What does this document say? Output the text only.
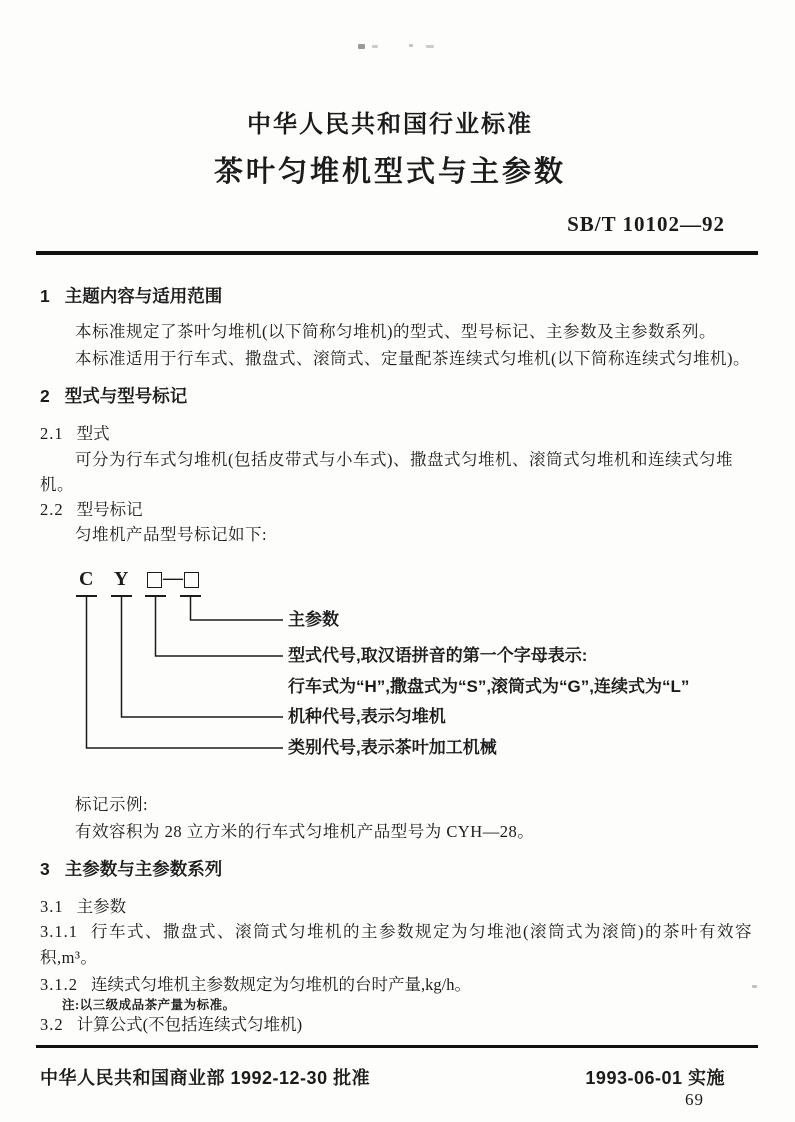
中华人民共和国行业标准
茶叶匀堆机型式与主参数
SB/T 10102—92
1 主题内容与适用范围
本标准规定了茶叶匀堆机(以下简称匀堆机)的型式、型号标记、主参数及主参数系列。
本标准适用于行车式、撒盘式、滚筒式、定量配茶连续式匀堆机(以下简称连续式匀堆机)。
2 型式与型号标记
2.1 型式
可分为行车式匀堆机(包括皮带式与小车式)、撒盘式匀堆机、滚筒式匀堆机和连续式匀堆
机。
2.2 型号标记
匀堆机产品型号标记如下:
C Y —
主参数
型式代号,取汉语拼音的第一个字母表示:
行车式为“H”,撒盘式为“S”,滚筒式为“G”,连续式为“L”
机种代号,表示匀堆机
类别代号,表示茶叶加工机械
标记示例:
有效容积为 28 立方米的行车式匀堆机产品型号为 CYH—28。
3 主参数与主参数系列
3.1 主参数
3.1.1 行车式、撒盘式、滚筒式匀堆机的主参数规定为匀堆池(滚筒式为滚筒)的茶叶有效容
积,m³。
3.1.2 连续式匀堆机主参数规定为匀堆机的台时产量,kg/h。
注:以三级成品茶产量为标准。
3.2 计算公式(不包括连续式匀堆机)
中华人民共和国商业部 1992-12-30 批准	1993-06-01 实施
69
